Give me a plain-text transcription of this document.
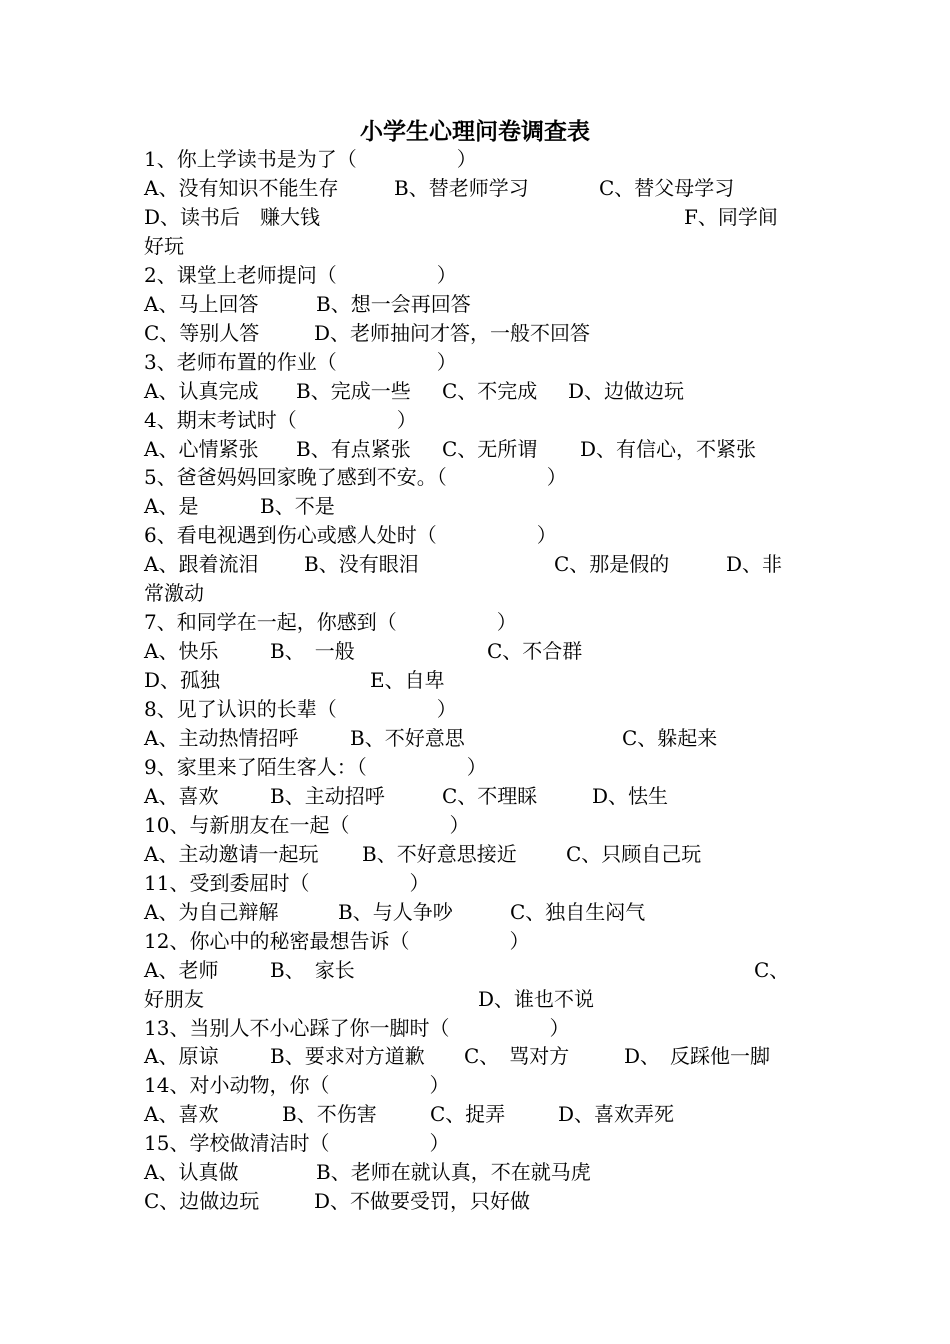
小学生心理问卷调查表
1、你上学读书是为了（　　　　　）
A、没有知识不能生存	B、替老师学习	C、替父母学习
D、读书后　赚大钱	F、同学间
好玩
2、课堂上老师提问（　　　　　）
A、马上回答	B、想一会再回答
C、等别人答	D、老师抽问才答，一般不回答
3、老师布置的作业（　　　　　）
A、认真完成 B、完成一些 C、不完成 D、边做边玩
4、期末考试时（　　　　　）
A、心情紧张 B、有点紧张 C、无所谓 D、有信心，不紧张
5、爸爸妈妈回家晚了感到不安。（　　　　　）
A、是	B、不是
6、看电视遇到伤心或感人处时（　　　　　）
A、跟着流泪 B、没有眼泪	C、那是假的	D、非
常激动
7、和同学在一起，你感到（　　　　　）
A、快乐	B、　一般	C、不合群
D、孤独	E、自卑
8、见了认识的长辈（　　　　　）
A、主动热情招呼	B、不好意思	C、躲起来
9、家里来了陌生客人：（　　　　　）
A、喜欢	B、主动招呼	C、不理睬	D、怯生
10、与新朋友在一起（　　　　　）
A、主动邀请一起玩 B、不好意思接近 C、只顾自己玩
11、受到委屈时（　　　　　）
A、为自己辩解	B、与人争吵	C、独自生闷气
12、你心中的秘密最想告诉（　　　　　）
A、老师	B、　家长	C、
好朋友	D、谁也不说
13、当别人不小心踩了你一脚时（　　　　　）
A、原谅	B、要求对方道歉 C、　骂对方	D、　反踩他一脚
14、对小动物，你（　　　　　）
A、喜欢	B、不伤害	C、捉弄	D、喜欢弄死
15、学校做清洁时（　　　　　）
A、认真做	B、老师在就认真，不在就马虎
C、边做边玩	D、不做要受罚，只好做
